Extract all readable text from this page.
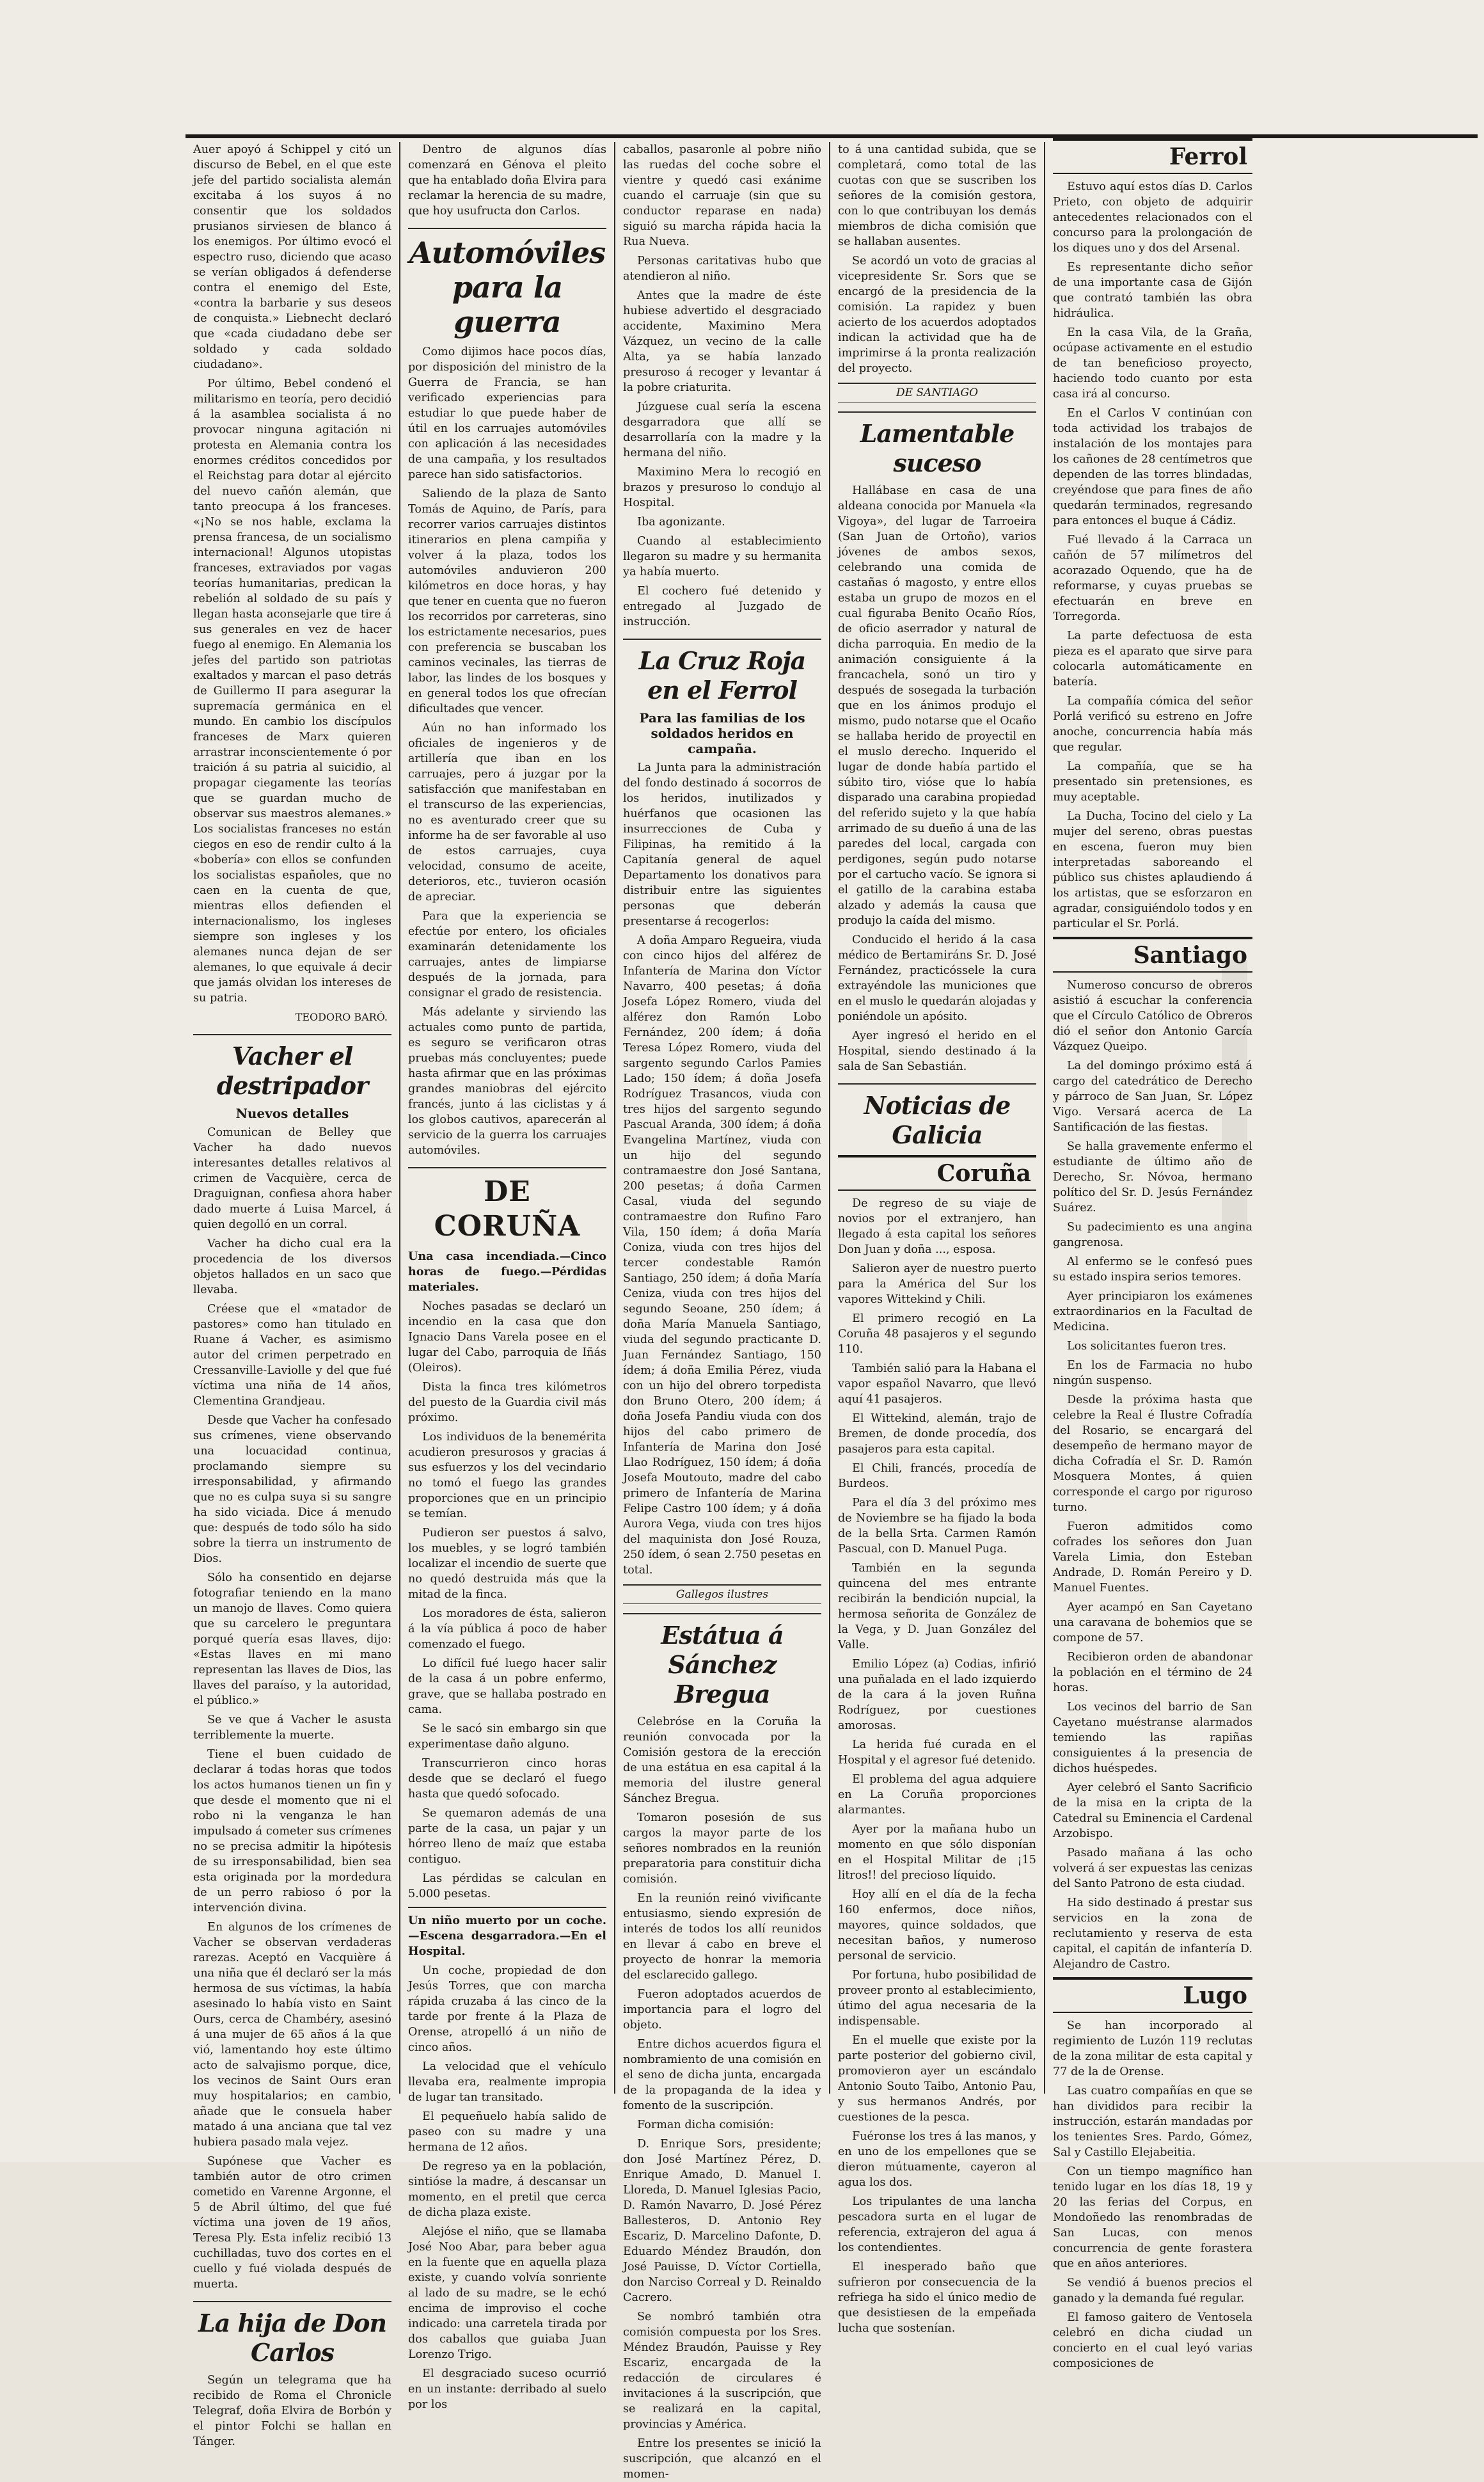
Auer apoyó á Schippel y citó un discurso de Bebel, en el que este jefe del partido socialista alemán excitaba á los suyos á no consentir que los soldados prusianos sirviesen de blanco á los enemigos. Por último evocó el espectro ruso, diciendo que acaso se verían obligados á defenderse contra el enemigo del Este, «contra la barbarie y sus deseos de conquista.» Liebnecht declaró que «cada ciudadano debe ser soldado y cada soldado ciudadano».

Por último, Bebel condenó el militarismo en teoría, pero decidió á la asamblea socialista á no provocar ninguna agitación ni protesta en Alemania contra los enormes créditos concedidos por el Reichstag para dotar al ejército del nuevo cañón alemán, que tanto preocupa á los franceses. «¡No se nos hable, exclama la prensa francesa, de un socialismo internacional! Algunos utopistas franceses, extraviados por vagas teorías humanitarias, predican la rebelión al soldado de su país y llegan hasta aconsejarle que tire á sus generales en vez de hacer fuego al enemigo. En Alemania los jefes del partido son patriotas exaltados y marcan el paso detrás de Guillermo II para asegurar la supremacía germánica en el mundo. En cambio los discípulos franceses de Marx quieren arrastrar inconscientemente ó por traición á su patria al suicidio, al propagar ciegamente las teorías que se guardan mucho de observar sus maestros alemanes.» Los socialistas franceses no están ciegos en eso de rendir culto á la «bobería» con ellos se confunden los socialistas españoles, que no caen en la cuenta de que, mientras ellos defienden el internacionalismo, los ingleses siempre son ingleses y los alemanes nunca dejan de ser alemanes, lo que equivale á decir que jamás olvidan los intereses de su patria.

TEODORO BARÓ.
Vacher el destripador
Nuevos detalles

Comunican de Belley que Vacher ha dado nuevos interesantes detalles relativos al crimen de Vacquière, cerca de Draguignan, confiesa ahora haber dado muerte á Luisa Marcel, á quien degolló en un corral.

Vacher ha dicho cual era la procedencia de los diversos objetos hallados en un saco que llevaba.

Créese que el «matador de pastores» como han titulado en Ruane á Vacher, es asimismo autor del crimen perpetrado en Cressanville-Laviolle y del que fué víctima una niña de 14 años, Clementina Grandjeau.

Desde que Vacher ha confesado sus crímenes, viene observando una locuacidad continua, proclamando siempre su irresponsabilidad, y afirmando que no es culpa suya si su sangre ha sido viciada. Dice á menudo que: después de todo sólo ha sido sobre la tierra un instrumento de Dios.

Sólo ha consentido en dejarse fotografiar teniendo en la mano un manojo de llaves. Como quiera que su carcelero le preguntara porqué quería esas llaves, dijo: «Estas llaves en mi mano representan las llaves de Dios, las llaves del paraíso, y la autoridad, el público.»

Se ve que á Vacher le asusta terriblemente la muerte.

Tiene el buen cuidado de declarar á todas horas que todos los actos humanos tienen un fin y que desde el momento que ni el robo ni la venganza le han impulsado á cometer sus crímenes no se precisa admitir la hipótesis de su irresponsabilidad, bien sea esta originada por la mordedura de un perro rabioso ó por la intervención divina.

En algunos de los crímenes de Vacher se observan verdaderas rarezas. Aceptó en Vacquière á una niña que él declaró ser la más hermosa de sus víctimas, la había asesinado lo había visto en Saint Ours, cerca de Chambéry, asesinó á una mujer de 65 años á la que vió, lamentando hoy este último acto de salvajismo porque, dice, los vecinos de Saint Ours eran muy hospitalarios; en cambio, añade que le consuela haber matado á una anciana que tal vez hubiera pasado mala vejez.

Supónese que Vacher es también autor de otro crimen cometido en Varenne Argonne, el 5 de Abril último, del que fué víctima una joven de 19 años, Teresa Ply. Esta infeliz recibió 13 cuchilladas, tuvo dos cortes en el cuello y fué violada después de muerta.

La hija de Don Carlos

Según un telegrama que ha recibido de Roma el Chronicle Telegraf, doña Elvira de Borbón y el pintor Folchi se hallan en Tánger.

Dentro de algunos días comenzará en Génova el pleito que ha entablado doña Elvira para reclamar la herencia de su madre, que hoy usufructa don Carlos.

Automóviles para la guerra

Como dijimos hace pocos días, por disposición del ministro de la Guerra de Francia, se han verificado experiencias para estudiar lo que puede haber de útil en los carruajes automóviles con aplicación á las necesidades de una campaña, y los resultados parece han sido satisfactorios.

Saliendo de la plaza de Santo Tomás de Aquino, de París, para recorrer varios carruajes distintos itinerarios en plena campiña y volver á la plaza, todos los automóviles anduvieron 200 kilómetros en doce horas, y hay que tener en cuenta que no fueron los recorridos por carreteras, sino los estrictamente necesarios, pues con preferencia se buscaban los caminos vecinales, las tierras de labor, las lindes de los bosques y en general todos los que ofrecían dificultades que vencer.

Aún no han informado los oficiales de ingenieros y de artillería que iban en los carruajes, pero á juzgar por la satisfacción que manifestaban en el transcurso de las experiencias, no es aventurado creer que su informe ha de ser favorable al uso de estos carruajes, cuya velocidad, consumo de aceite, deterioros, etc., tuvieron ocasión de apreciar.

Para que la experiencia se efectúe por entero, los oficiales examinarán detenidamente los carruajes, antes de limpiarse después de la jornada, para consignar el grado de resistencia.

Más adelante y sirviendo las actuales como punto de partida, es seguro se verificaron otras pruebas más concluyentes; puede hasta afirmar que en las próximas grandes maniobras del ejército francés, junto á las ciclistas y á los globos cautivos, aparecerán al servicio de la guerra los carruajes automóviles.

DE CORUÑA

Una casa incendiada.—Cinco horas de fuego.—Pérdidas materiales.

Noches pasadas se declaró un incendio en la casa que don Ignacio Dans Varela posee en el lugar del Cabo, parroquia de Iñás (Oleiros).

Dista la finca tres kilómetros del puesto de la Guardia civil más próximo.

Los individuos de la benemérita acudieron presurosos y gracias á sus esfuerzos y los del vecindario no tomó el fuego las grandes proporciones que en un principio se temían.

Pudieron ser puestos á salvo, los muebles, y se logró también localizar el incendio de suerte que no quedó destruida más que la mitad de la finca.

Los moradores de ésta, salieron á la vía pública á poco de haber comenzado el fuego.

Lo difícil fué luego hacer salir de la casa á un pobre enfermo, grave, que se hallaba postrado en cama.

Se le sacó sin embargo sin que experimentase daño alguno.

Transcurrieron cinco horas desde que se declaró el fuego hasta que quedó sofocado.

Se quemaron además de una parte de la casa, un pajar y un hórreo lleno de maíz que estaba contiguo.

Las pérdidas se calculan en 5.000 pesetas.

Un niño muerto por un coche.—Escena desgarradora.—En el Hospital.

Un coche, propiedad de don Jesús Torres, que con marcha rápida cruzaba á las cinco de la tarde por frente á la Plaza de Orense, atropelló á un niño de cinco años.

La velocidad que el vehículo llevaba era, realmente impropia de lugar tan transitado.

El pequeñuelo había salido de paseo con su madre y una hermana de 12 años.

De regreso ya en la población, sintióse la madre, á descansar un momento, en el pretil que cerca de dicha plaza existe.

Alejóse el niño, que se llamaba José Noo Abar, para beber agua en la fuente que en aquella plaza existe, y cuando volvía sonriente al lado de su madre, se le echó encima de improviso el coche indicado: una carretela tirada por dos caballos que guiaba Juan Lorenzo Trigo.

El desgraciado suceso ocurrió en un instante: derribado al suelo por los

caballos, pasaronle al pobre niño las ruedas del coche sobre el vientre y quedó casi exánime cuando el carruaje (sin que su conductor reparase en nada) siguió su marcha rápida hacia la Rua Nueva.

Personas caritativas hubo que atendieron al niño.

Antes que la madre de éste hubiese advertido el desgraciado accidente, Maximino Mera Vázquez, un vecino de la calle Alta, ya se había lanzado presuroso á recoger y levantar á la pobre criaturita.

Júzguese cual sería la escena desgarradora que allí se desarrollaría con la madre y la hermana del niño.

Maximino Mera lo recogió en brazos y presuroso lo condujo al Hospital.

Iba agonizante.

Cuando al establecimiento llegaron su madre y su hermanita ya había muerto.

El cochero fué detenido y entregado al Juzgado de instrucción.

La Cruz Roja en el Ferrol
Para las familias de los soldados heridos en campaña.

La Junta para la administración del fondo destinado á socorros de los heridos, inutilizados y huérfanos que ocasionen las insurrecciones de Cuba y Filipinas, ha remitido á la Capitanía general de aquel Departamento los donativos para distribuir entre las siguientes personas que deberán presentarse á recogerlos:

A doña Amparo Regueira, viuda con cinco hijos del alférez de Infantería de Marina don Víctor Navarro, 400 pesetas; á doña Josefa López Romero, viuda del alférez don Ramón Lobo Fernández, 200 ídem; á doña Teresa López Romero, viuda del sargento segundo Carlos Pamies Lado; 150 ídem; á doña Josefa Rodríguez Trasancos, viuda con tres hijos del sargento segundo Pascual Aranda, 300 ídem; á doña Evangelina Martínez, viuda con un hijo del segundo contramaestre don José Santana, 200 pesetas; á doña Carmen Casal, viuda del segundo contramaestre don Rufino Faro Vila, 150 ídem; á doña María Coniza, viuda con tres hijos del tercer condestable Ramón Santiago, 250 ídem; á doña María Ceniza, viuda con tres hijos del segundo Seoane, 250 ídem; á doña María Manuela Santiago, viuda del segundo practicante D. Juan Fernández Santiago, 150 ídem; á doña Emilia Pérez, viuda con un hijo del obrero torpedista don Bruno Otero, 200 ídem; á doña Josefa Pandiu viuda con dos hijos del cabo primero de Infantería de Marina don José Llao Rodríguez, 150 ídem; á doña Josefa Moutouto, madre del cabo primero de Infantería de Marina Felipe Castro 100 ídem; y á doña Aurora Vega, viuda con tres hijos del maquinista don José Rouza, 250 ídem, ó sean 2.750 pesetas en total.

Gallegos ilustres
Estátua á Sánchez Bregua

Celebróse en la Coruña la reunión convocada por la Comisión gestora de la erección de una estátua en esa capital á la memoria del ilustre general Sánchez Bregua.

Tomaron posesión de sus cargos la mayor parte de los señores nombrados en la reunión preparatoria para constituir dicha comisión.

En la reunión reinó vivificante entusiasmo, siendo expresión de interés de todos los allí reunidos en llevar á cabo en breve el proyecto de honrar la memoria del esclarecido gallego.

Fueron adoptados acuerdos de importancia para el logro del objeto.

Entre dichos acuerdos figura el nombramiento de una comisión en el seno de dicha junta, encargada de la propaganda de la idea y fomento de la suscripción.

Forman dicha comisión:

D. Enrique Sors, presidente; don José Martínez Pérez, D. Enrique Amado, D. Manuel I. Lloreda, D. Manuel Iglesias Pacio, D. Ramón Navarro, D. José Pérez Ballesteros, D. Antonio Rey Escariz, D. Marcelino Dafonte, D. Eduardo Méndez Braudón, don José Pauisse, D. Víctor Cortiella, don Narciso Correal y D. Reinaldo Cacrero.

Se nombró también otra comisión compuesta por los Sres. Méndez Braudón, Pauisse y Rey Escariz, encargada de la redacción de circulares é invitaciones á la suscripción, que se realizará en la capital, provincias y América.

Entre los presentes se inició la suscripción, que alcanzó en el momen-

to á una cantidad subida, que se completará, como total de las cuotas con que se suscriben los señores de la comisión gestora, con lo que contribuyan los demás miembros de dicha comisión que se hallaban ausentes.

Se acordó un voto de gracias al vicepresidente Sr. Sors que se encargó de la presidencia de la comisión. La rapidez y buen acierto de los acuerdos adoptados indican la actividad que ha de imprimirse á la pronta realización del proyecto.

DE SANTIAGO
Lamentable suceso

Hallábase en casa de una aldeana conocida por Manuela «la Vigoya», del lugar de Tarroeira (San Juan de Ortoño), varios jóvenes de ambos sexos, celebrando una comida de castañas ó magosto, y entre ellos estaba un grupo de mozos en el cual figuraba Benito Ocaño Ríos, de oficio aserrador y natural de dicha parroquia. En medio de la animación consiguiente á la francachela, sonó un tiro y después de sosegada la turbación que en los ánimos produjo el mismo, pudo notarse que el Ocaño se hallaba herido de proyectil en el muslo derecho. Inquerido el lugar de donde había partido el súbito tiro, vióse que lo había disparado una carabina propiedad del referido sujeto y la que había arrimado de su dueño á una de las paredes del local, cargada con perdigones, según pudo notarse por el cartucho vacío. Se ignora si el gatillo de la carabina estaba alzado y además la causa que produjo la caída del mismo.

Conducido el herido á la casa médico de Bertamiráns Sr. D. José Fernández, practicóssele la cura extrayéndole las municiones que en el muslo le quedarán alojadas y poniéndole un apósito.

Ayer ingresó el herido en el Hospital, siendo destinado á la sala de San Sebastián.

Noticias de Galicia
Coruña

De regreso de su viaje de novios por el extranjero, han llegado á esta capital los señores Don Juan y doña ..., esposa.

Salieron ayer de nuestro puerto para la América del Sur los vapores Wittekind y Chili.

El primero recogió en La Coruña 48 pasajeros y el segundo 110.

También salió para la Habana el vapor español Navarro, que llevó aquí 41 pasajeros.

El Wittekind, alemán, trajo de Bremen, de donde procedía, dos pasajeros para esta capital.

El Chili, francés, procedía de Burdeos.

Para el día 3 del próximo mes de Noviembre se ha fijado la boda de la bella Srta. Carmen Ramón Pascual, con D. Manuel Puga.

También en la segunda quincena del mes entrante recibirán la bendición nupcial, la hermosa señorita de González de la Vega, y D. Juan González del Valle.

Emilio López (a) Codias, infirió una puñalada en el lado izquierdo de la cara á la joven Ruñna Rodríguez, por cuestiones amorosas.

La herida fué curada en el Hospital y el agresor fué detenido.

El problema del agua adquiere en La Coruña proporciones alarmantes.

Ayer por la mañana hubo un momento en que sólo disponían en el Hospital Militar de ¡15 litros!! del precioso líquido.

Hoy allí en el día de la fecha 160 enfermos, doce niños, mayores, quince soldados, que necesitan baños, y numeroso personal de servicio.

Por fortuna, hubo posibilidad de proveer pronto al establecimiento, útimo del agua necesaria de la indispensable.

En el muelle que existe por la parte posterior del gobierno civil, promovieron ayer un escándalo Antonio Souto Taibo, Antonio Pau, y sus hermanos Andrés, por cuestiones de la pesca.

Fuéronse los tres á las manos, y en uno de los empellones que se dieron mútuamente, cayeron al agua los dos.

Los tripulantes de una lancha pescadora surta en el lugar de referencia, extrajeron del agua á los contendientes.

El inesperado baño que sufrieron por consecuencia de la refriega ha sido el único medio de que desistiesen de la empeñada lucha que sostenían.

Ferrol

Estuvo aquí estos días D. Carlos Prieto, con objeto de adquirir antecedentes relacionados con el concurso para la prolongación de los diques uno y dos del Arsenal.

Es representante dicho señor de una importante casa de Gijón que contrató también las obra hidráulica.

En la casa Vila, de la Graña, ocúpase activamente en el estudio de tan beneficioso proyecto, haciendo todo cuanto por esta casa irá al concurso.

En el Carlos V continúan con toda actividad los trabajos de instalación de los montajes para los cañones de 28 centímetros que dependen de las torres blindadas, creyéndose que para fines de año quedarán terminados, regresando para entonces el buque á Cádiz.

Fué llevado á la Carraca un cañón de 57 milímetros del acorazado Oquendo, que ha de reformarse, y cuyas pruebas se efectuarán en breve en Torregorda.

La parte defectuosa de esta pieza es el aparato que sirve para colocarla automáticamente en batería.

La compañía cómica del señor Porlá verificó su estreno en Jofre anoche, concurrencia había más que regular.

La compañía, que se ha presentado sin pretensiones, es muy aceptable.

La Ducha, Tocino del cielo y La mujer del sereno, obras puestas en escena, fueron muy bien interpretadas saboreando el público sus chistes aplaudiendo á los artistas, que se esforzaron en agradar, consiguiéndolo todos y en particular el Sr. Porlá.

Santiago

Numeroso concurso de obreros asistió á escuchar la conferencia que el Círculo Católico de Obreros dió el señor don Antonio García Vázquez Queipo.

La del domingo próximo está á cargo del catedrático de Derecho y párroco de San Juan, Sr. López Vigo. Versará acerca de La Santificación de las fiestas.

Se halla gravemente enfermo el estudiante de último año de Derecho, Sr. Nóvoa, hermano político del Sr. D. Jesús Fernández Suárez.

Su padecimiento es una angina gangrenosa.

Al enfermo se le confesó pues su estado inspira serios temores.

Ayer principiaron los exámenes extraordinarios en la Facultad de Medicina.

Los solicitantes fueron tres.

En los de Farmacia no hubo ningún suspenso.

Desde la próxima hasta que celebre la Real é Ilustre Cofradía del Rosario, se encargará del desempeño de hermano mayor de dicha Cofradía el Sr. D. Ramón Mosquera Montes, á quien corresponde el cargo por riguroso turno.

Fueron admitidos como cofrades los señores don Juan Varela Limia, don Esteban Andrade, D. Román Pereiro y D. Manuel Fuentes.

Ayer acampó en San Cayetano una caravana de bohemios que se compone de 57.

Recibieron orden de abandonar la población en el término de 24 horas.

Los vecinos del barrio de San Cayetano muéstranse alarmados temiendo las rapiñas consiguientes á la presencia de dichos huéspedes.

Ayer celebró el Santo Sacrificio de la misa en la cripta de la Catedral su Eminencia el Cardenal Arzobispo.

Pasado mañana á las ocho volverá á ser expuestas las cenizas del Santo Patrono de esta ciudad.

Ha sido destinado á prestar sus servicios en la zona de reclutamiento y reserva de esta capital, el capitán de infantería D. Alejandro de Castro.

Lugo

Se han incorporado al regimiento de Luzón 119 reclutas de la zona militar de esta capital y 77 de la de Orense.

Las cuatro compañías en que se han divididos para recibir la instrucción, estarán mandadas por los tenientes Sres. Pardo, Gómez, Sal y Castillo Elejabeitia.

Con un tiempo magnífico han tenido lugar en los días 18, 19 y 20 las ferias del Corpus, en Mondoñedo las renombradas de San Lucas, con menos concurrencia de gente forastera que en años anteriores.

Se vendió á buenos precios el ganado y la demanda fué regular.

El famoso gaitero de Ventosela celebró en dicha ciudad un concierto en el cual leyó varias composiciones de
